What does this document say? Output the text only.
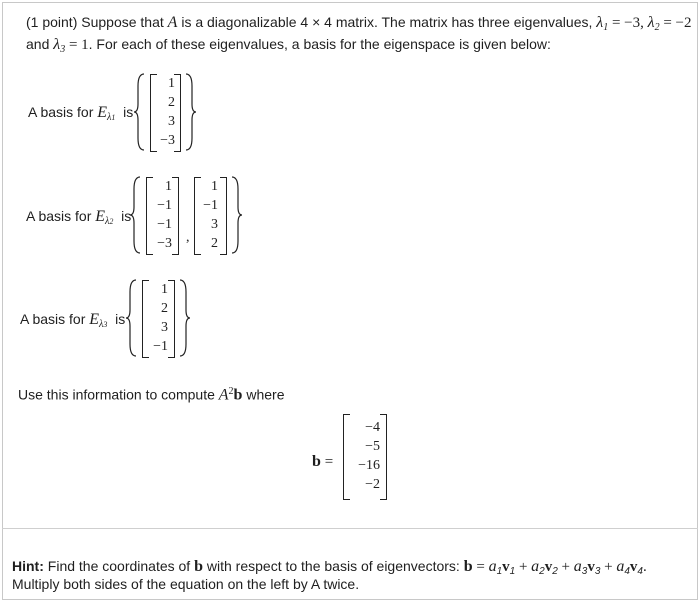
(1 point) Suppose that A is a diagonalizable 4 × 4 matrix. The matrix has three eigenvalues, $\lambda_1 = -3$, $\lambda_2 = -2$
and $\lambda_3 = 1$. For each of these eigenvalues, a basis for the eigenspace is given below:
A basis for $E_{\lambda 1}$ is
1
2
3
−3
A basis for $E_{\lambda 2}$ is
1
−1
−1
−3 ,
1
−1
3
2
A basis for $E_{\lambda 3}$ is
1
2
3
−1
Use this information to compute $A^2b$ where
b =
−4
−5
−16
−2
Hint: Find the coordinates of b with respect to the basis of eigenvectors: $b = a_1v_1 + a_2v_2 + a_3v_3 + a_4v_4$.
Multiply both sides of the equation on the left by A twice.
